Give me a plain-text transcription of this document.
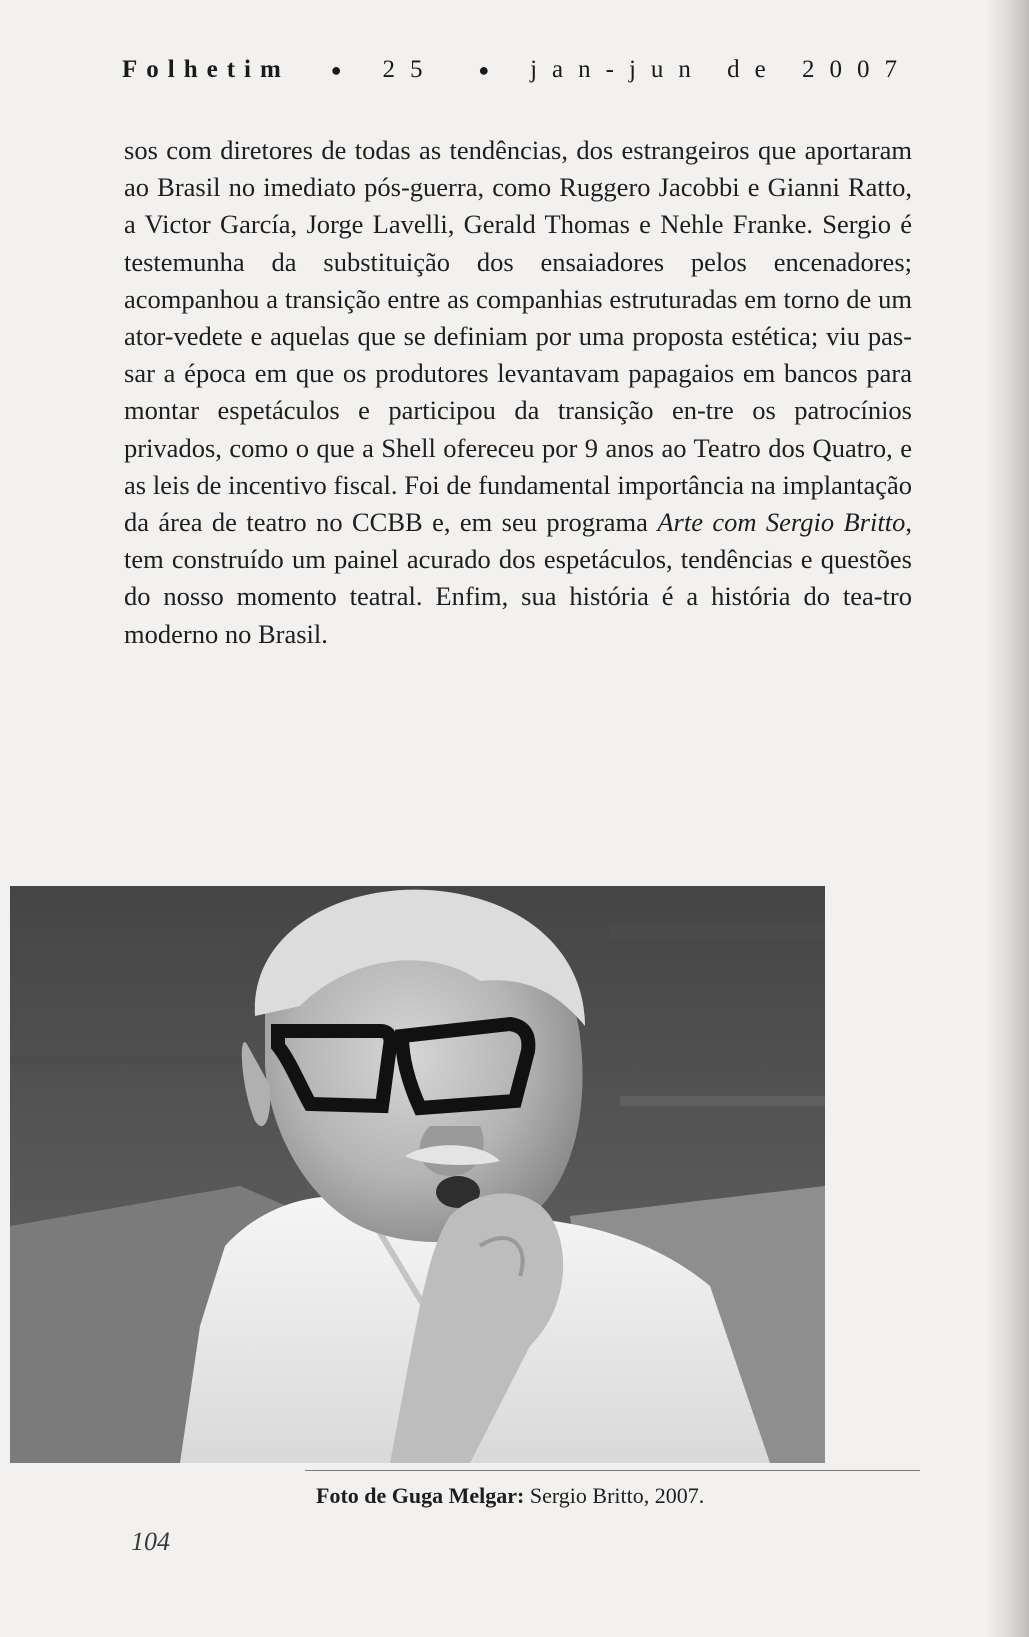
Folhetim ● 25 ● jan-jun de 2007

sos com diretores de todas as tendências, dos estrangeiros que aportaram ao Brasil no imediato pós-guerra, como Ruggero Jacobbi e Gianni Ratto, a Victor García, Jorge Lavelli, Gerald Thomas e Nehle Franke. Sergio é testemunha da substituição dos ensaiadores pelos encenadores; acompanhou a transição entre as companhias estruturadas em torno de um ator-vedete e aquelas que se definiam por uma proposta estética; viu pas-sar a época em que os produtores levantavam papagaios em bancos para montar espetáculos e participou da transição en-tre os patrocínios privados, como o que a Shell ofereceu por 9 anos ao Teatro dos Quatro, e as leis de incentivo fiscal. Foi de fundamental importância na implantação da área de teatro no CCBB e, em seu programa Arte com Sergio Britto, tem construído um painel acurado dos espetáculos, tendências e questões do nosso momento teatral. Enfim, sua história é a história do tea-tro moderno no Brasil.

Foto de Guga Melgar: Sergio Britto, 2007.
104
